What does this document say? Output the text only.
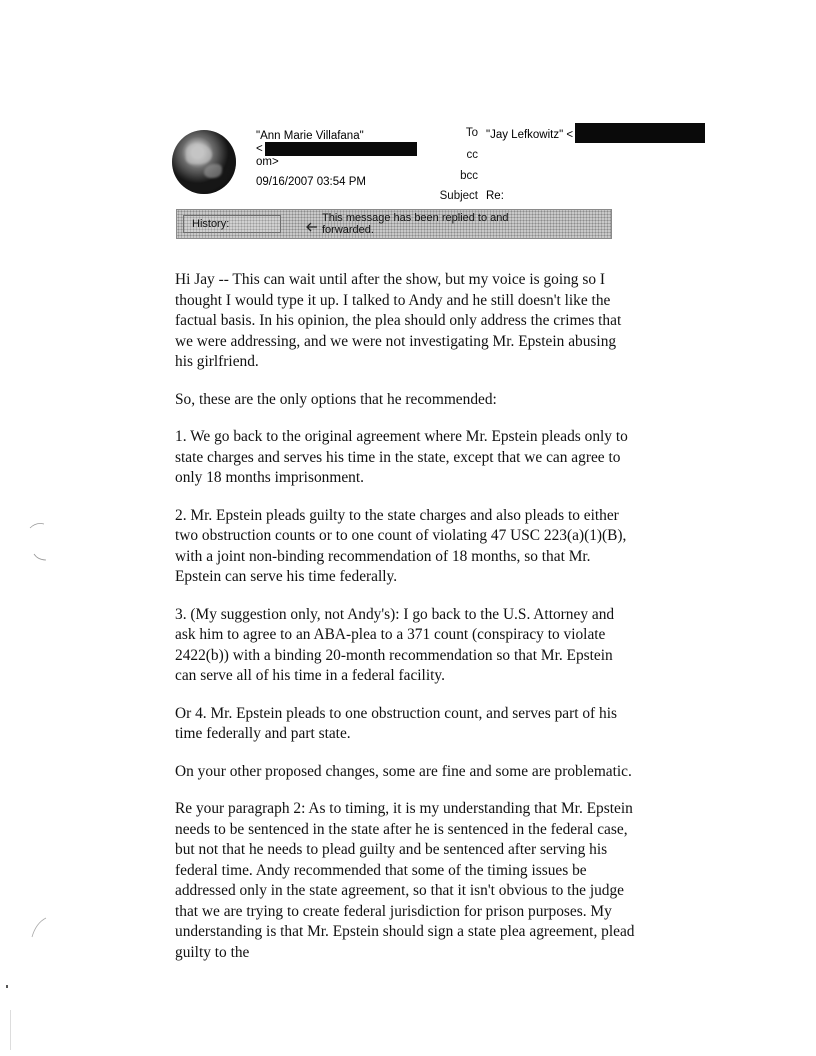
"Ann Marie Villafana"
<
om>
09/16/2007 03:54 PM
To "Jay Lefkowitz" <
cc
bcc
Subject Re:
History:	This message has been replied to and forwarded.

Hi Jay -- This can wait until after the show, but my voice is going so I thought I would type it up. I talked to Andy and he still doesn't like the factual basis. In his opinion, the plea should only address the crimes that we were addressing, and we were not investigating Mr. Epstein abusing his girlfriend.

So, these are the only options that he recommended:

1. We go back to the original agreement where Mr. Epstein pleads only to state charges and serves his time in the state, except that we can agree to only 18 months imprisonment.

2. Mr. Epstein pleads guilty to the state charges and also pleads to either two obstruction counts or to one count of violating 47 USC 223(a)(1)(B), with a joint non-binding recommendation of 18 months, so that Mr. Epstein can serve his time federally.

3. (My suggestion only, not Andy's): I go back to the U.S. Attorney and ask him to agree to an ABA-plea to a 371 count (conspiracy to violate 2422(b)) with a binding 20-month recommendation so that Mr. Epstein can serve all of his time in a federal facility.

Or 4. Mr. Epstein pleads to one obstruction count, and serves part of his time federally and part state.

On your other proposed changes, some are fine and some are problematic.

Re your paragraph 2: As to timing, it is my understanding that Mr. Epstein needs to be sentenced in the state after he is sentenced in the federal case, but not that he needs to plead guilty and be sentenced after serving his federal time. Andy recommended that some of the timing issues be addressed only in the state agreement, so that it isn't obvious to the judge that we are trying to create federal jurisdiction for prison purposes. My understanding is that Mr. Epstein should sign a state plea agreement, plead guilty to the
